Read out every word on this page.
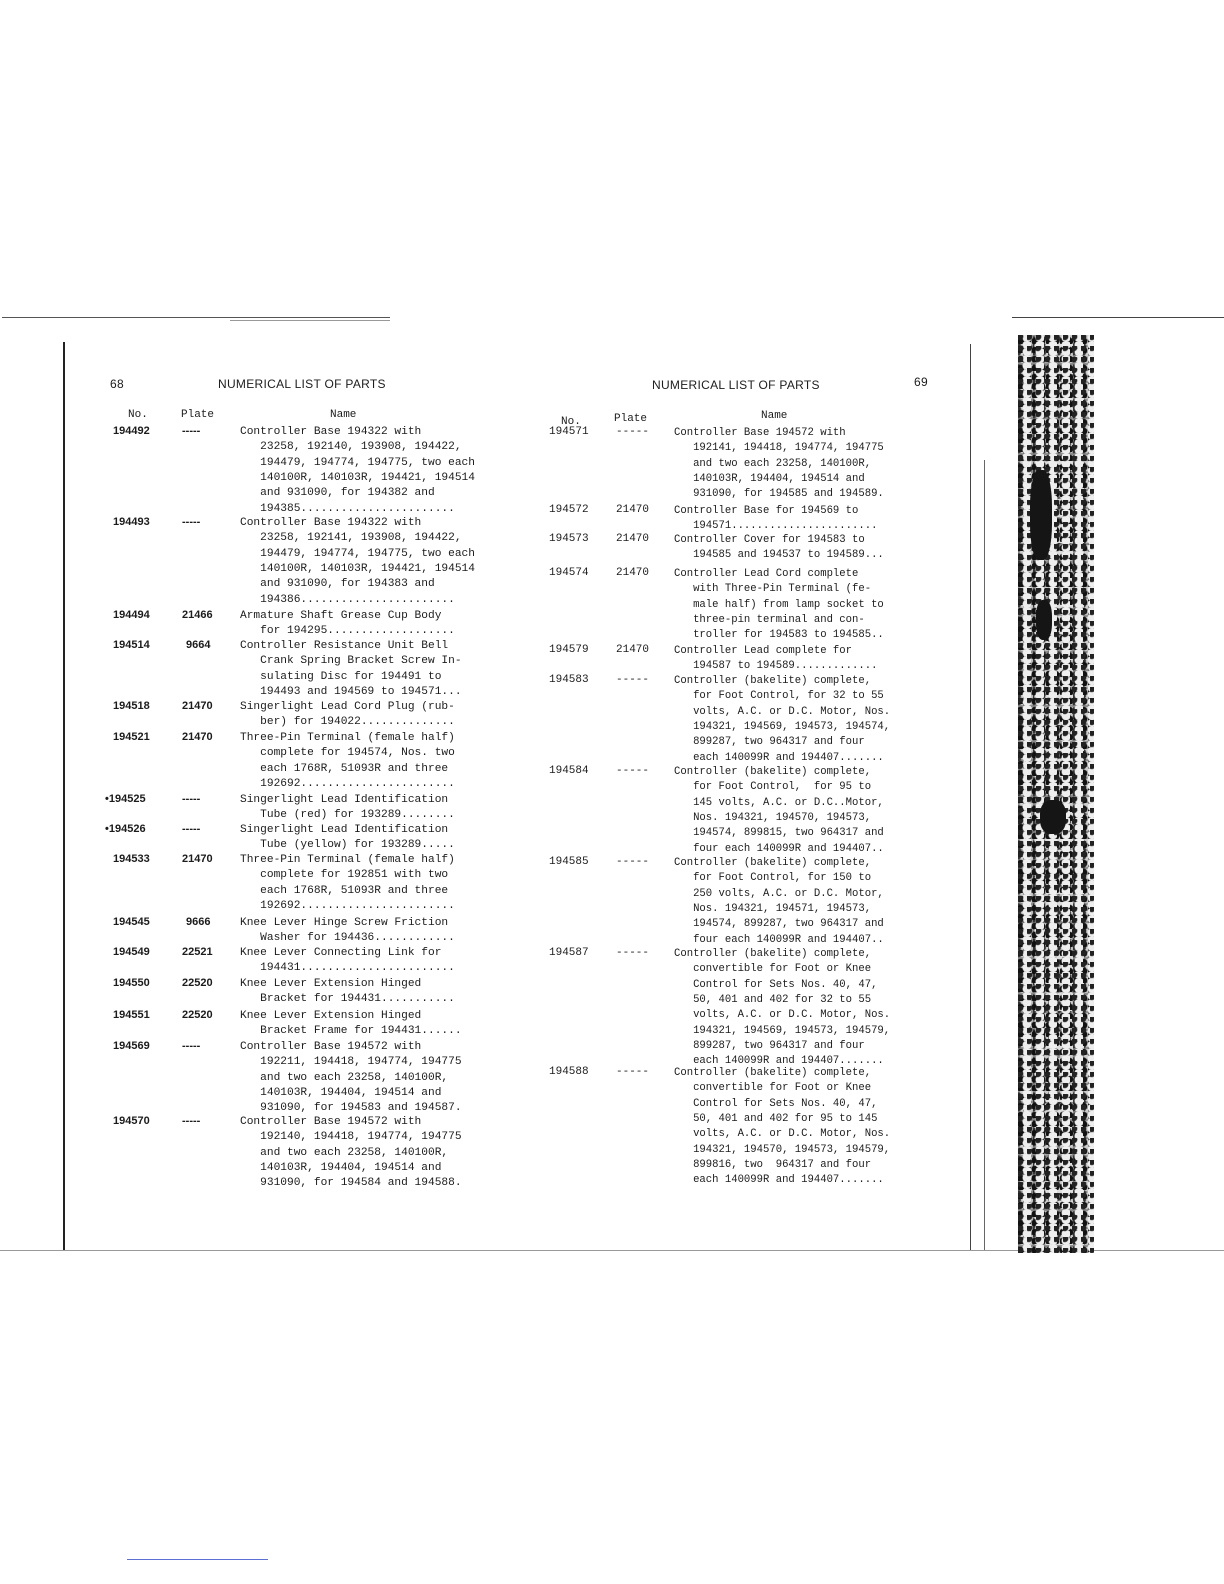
68	NUMERICAL LIST OF PARTS
No.	Plate	Name
194492	-----	Controller Base 194322 with
23258, 192140, 193908, 194422,
194479, 194774, 194775, two each
140100R, 140103R, 194421, 194514
and 931090, for 194382 and
194385.......................
194493	-----	Controller Base 194322 with
23258, 192141, 193908, 194422,
194479, 194774, 194775, two each
140100R, 140103R, 194421, 194514
and 931090, for 194383 and
194386.......................
194494	21466 Armature Shaft Grease Cup Body
for 194295...................
194514	9664	Controller Resistance Unit Bell
Crank Spring Bracket Screw In-
sulating Disc for 194491 to
194493 and 194569 to 194571...
194518	21470 Singerlight Lead Cord Plug (rub-
ber) for 194022..............
194521	21470 Three-Pin Terminal (female half)
complete for 194574, Nos. two
each 1768R, 51093R and three
192692.......................
•194525	-----	Singerlight Lead Identification
Tube (red) for 193289........
•194526	-----	Singerlight Lead Identification
Tube (yellow) for 193289.....
194533	21470 Three-Pin Terminal (female half)
complete for 192851 with two
each 1768R, 51093R and three
192692.......................
194545	9666	Knee Lever Hinge Screw Friction
Washer for 194436............
194549	22521 Knee Lever Connecting Link for
194431.......................
194550	22520 Knee Lever Extension Hinged
Bracket for 194431...........
194551	22520 Knee Lever Extension Hinged
Bracket Frame for 194431......
194569	-----	Controller Base 194572 with
192211, 194418, 194774, 194775
and two each 23258, 140100R,
140103R, 194404, 194514 and
931090, for 194583 and 194587.
194570	-----	Controller Base 194572 with
192140, 194418, 194774, 194775
and two each 23258, 140100R,
140103R, 194404, 194514 and
931090, for 194584 and 194588.
NUMERICAL LIST OF PARTS	69
No.	Plate	Name
194571 ----- Controller Base 194572 with
192141, 194418, 194774, 194775
and two each 23258, 140100R,
140103R, 194404, 194514 and
931090, for 194585 and 194589.
194572 21470 Controller Base for 194569 to
194571.......................
194573 21470 Controller Cover for 194583 to
194585 and 194537 to 194589...
194574 21470 Controller Lead Cord complete
with Three-Pin Terminal (fe-
male half) from lamp socket to
three-pin terminal and con-
troller for 194583 to 194585..
194579 21470 Controller Lead complete for
194587 to 194589.............
194583 ----- Controller (bakelite) complete,
for Foot Control, for 32 to 55
volts, A.C. or D.C. Motor, Nos.
194321, 194569, 194573, 194574,
899287, two 964317 and four
each 140099R and 194407.......
194584 ----- Controller (bakelite) complete,
for Foot Control,  for 95 to
145 volts, A.C. or D.C..Motor,
Nos. 194321, 194570, 194573,
194574, 899815, two 964317 and
four each 140099R and 194407..
194585 ----- Controller (bakelite) complete,
for Foot Control, for 150 to
250 volts, A.C. or D.C. Motor,
Nos. 194321, 194571, 194573,
194574, 899287, two 964317 and
four each 140099R and 194407..
194587 ----- Controller (bakelite) complete,
convertible for Foot or Knee
Control for Sets Nos. 40, 47,
50, 401 and 402 for 32 to 55
volts, A.C. or D.C. Motor, Nos.
194321, 194569, 194573, 194579,
899287, two 964317 and four
each 140099R and 194407.......
194588 ----- Controller (bakelite) complete,
convertible for Foot or Knee
Control for Sets Nos. 40, 47,
50, 401 and 402 for 95 to 145
volts, A.C. or D.C. Motor, Nos.
194321, 194570, 194573, 194579,
899816, two  964317 and four
each 140099R and 194407.......
